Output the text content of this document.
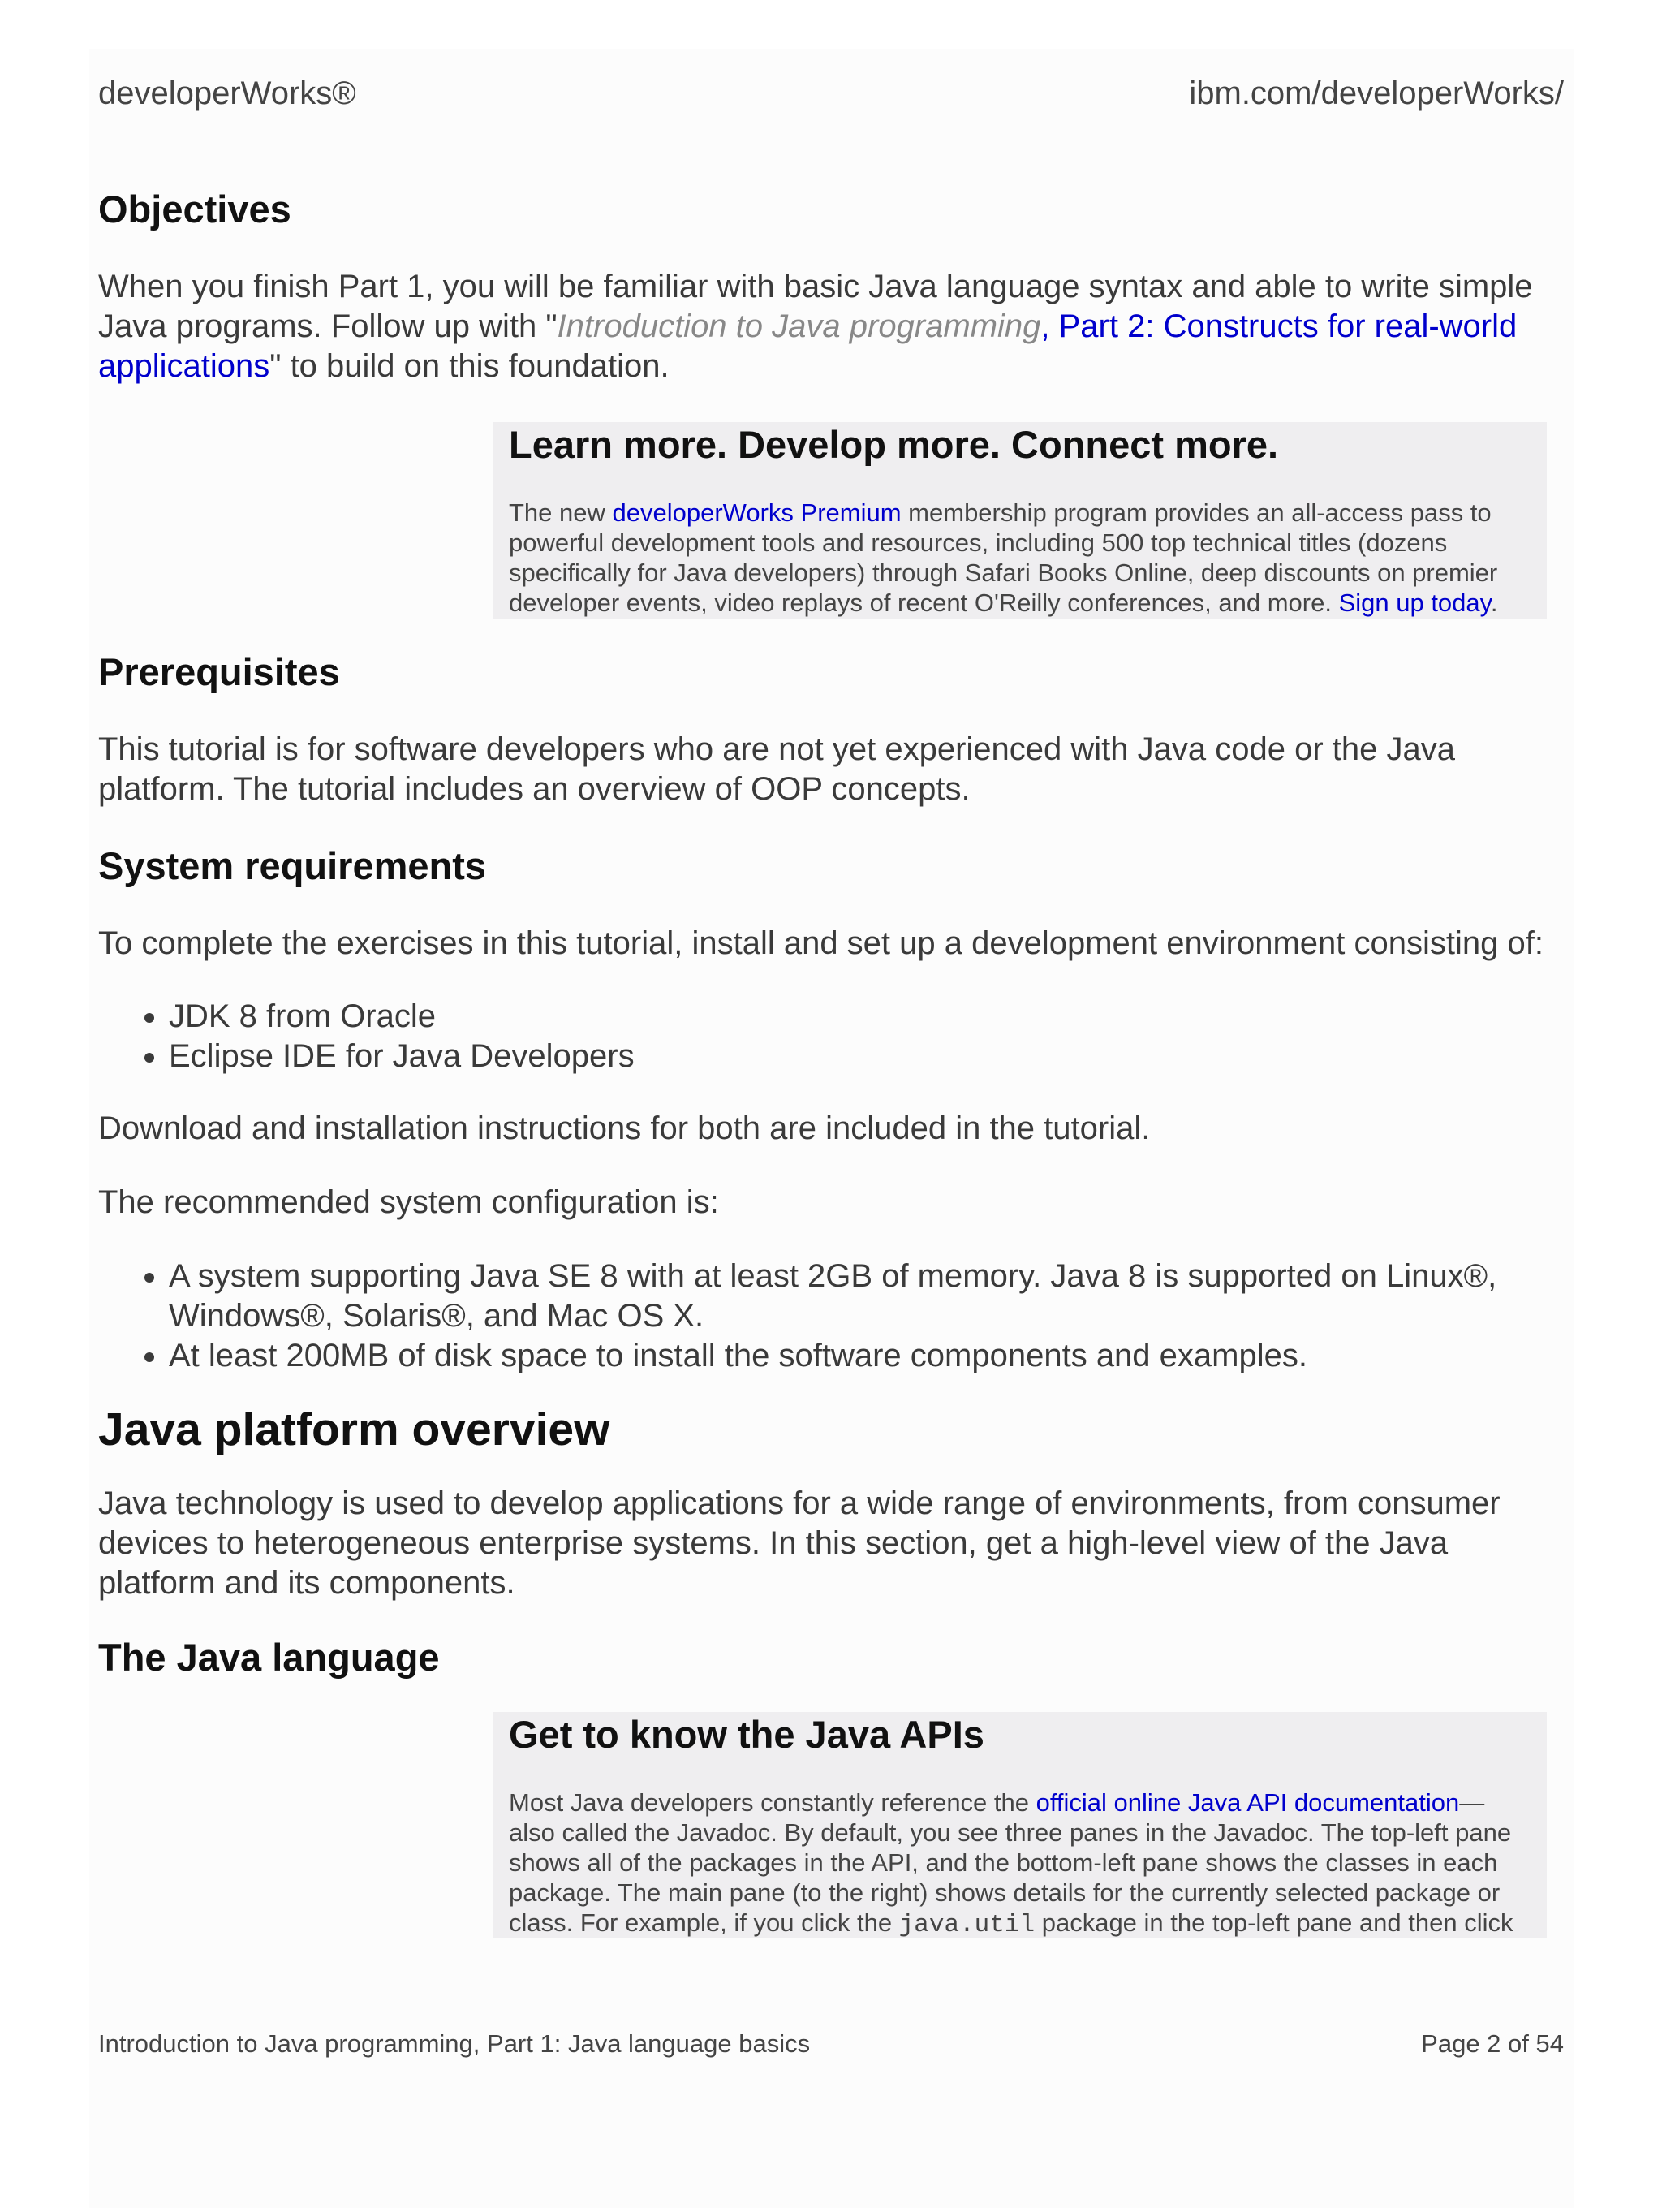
developerWorks®	ibm.com/developerWorks/
Objectives

When you finish Part 1, you will be familiar with basic Java language syntax and able to write simple Java programs. Follow up with "Introduction to Java programming, Part 2: Constructs for real-world applications" to build on this foundation.

Learn more. Develop more. Connect more.

The new developerWorks Premium membership program provides an all-access pass to powerful development tools and resources, including 500 top technical titles (dozens specifically for Java developers) through Safari Books Online, deep discounts on premier developer events, video replays of recent O'Reilly conferences, and more. Sign up today.

Prerequisites

This tutorial is for software developers who are not yet experienced with Java code or the Java platform. The tutorial includes an overview of OOP concepts.

System requirements

To complete the exercises in this tutorial, install and set up a development environment consisting of:

• JDK 8 from Oracle
• Eclipse IDE for Java Developers

Download and installation instructions for both are included in the tutorial.

The recommended system configuration is:

• A system supporting Java SE 8 with at least 2GB of memory. Java 8 is supported on Linux®, Windows®, Solaris®, and Mac OS X.
• At least 200MB of disk space to install the software components and examples.
Java platform overview

Java technology is used to develop applications for a wide range of environments, from consumer devices to heterogeneous enterprise systems. In this section, get a high-level view of the Java platform and its components.

The Java language
Get to know the Java APIs

Most Java developers constantly reference the official online Java API documentation— also called the Javadoc. By default, you see three panes in the Javadoc. The top-left pane shows all of the packages in the API, and the bottom-left pane shows the classes in each package. The main pane (to the right) shows details for the currently selected package or class. For example, if you click the java.util package in the top-left pane and then click

Introduction to Java programming, Part 1: Java language basics	Page 2 of 54
